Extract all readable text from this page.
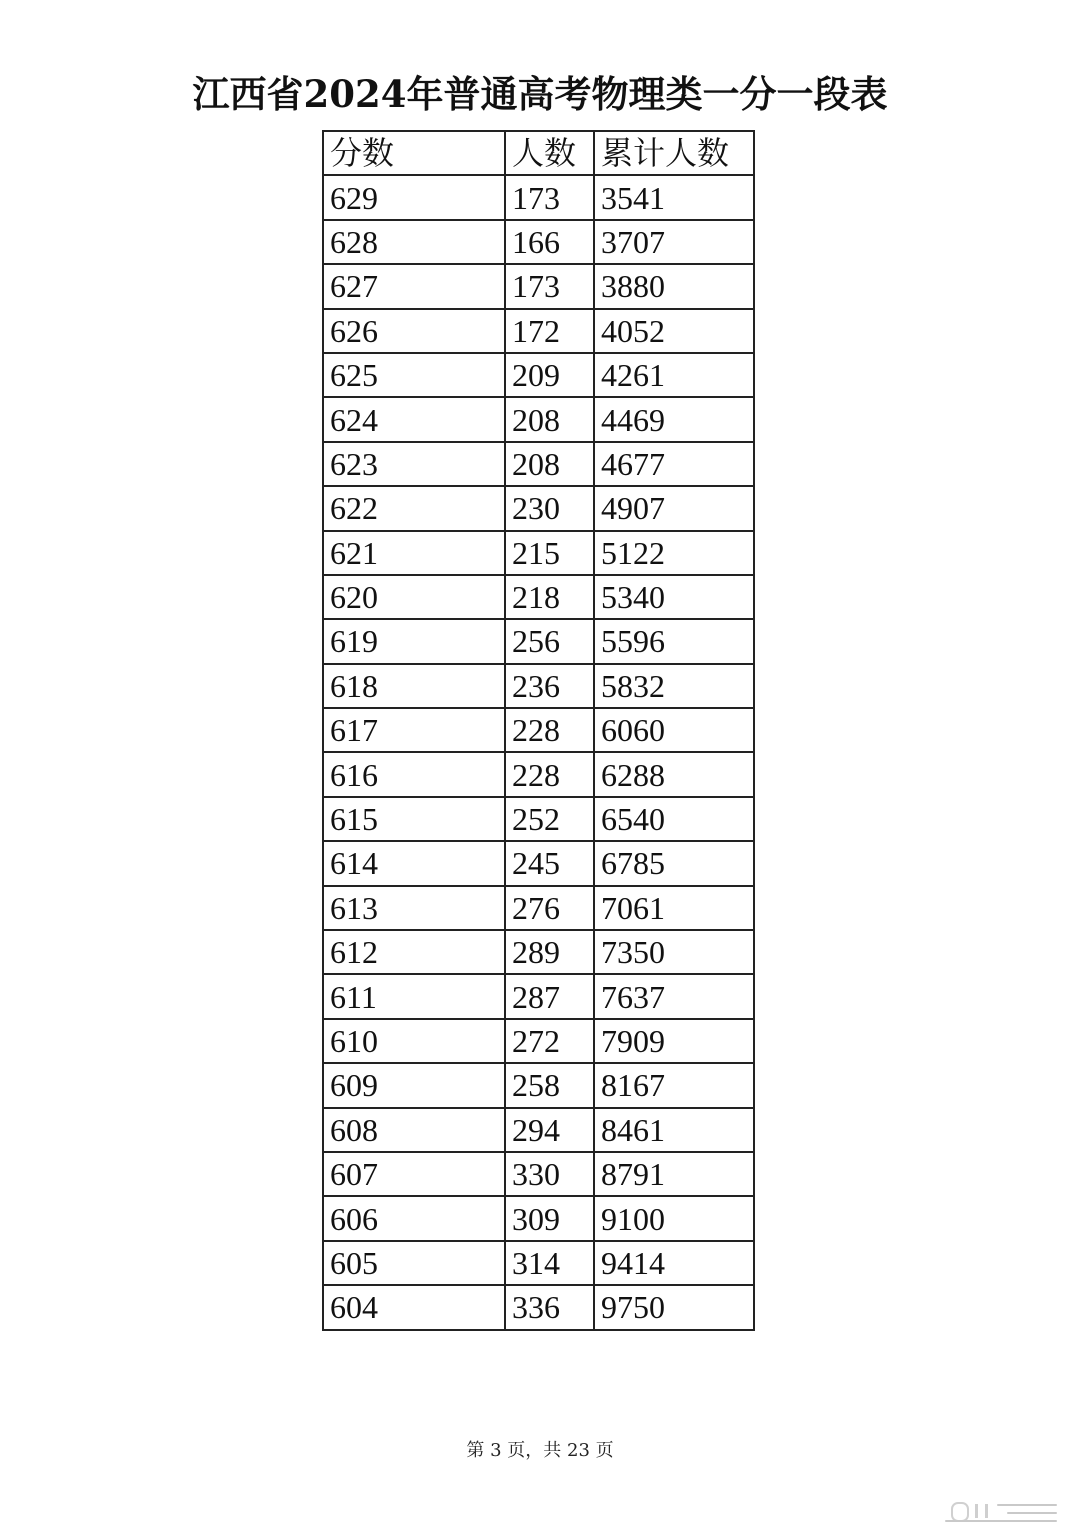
江西省2024年普通高考物理类一分一段表
分数	人数	累计人数
629	173	3541
628	166	3707
627	173	3880
626	172	4052
625	209	4261
624	208	4469
623	208	4677
622	230	4907
621	215	5122
620	218	5340
619	256	5596
618	236	5832
617	228	6060
616	228	6288
615	252	6540
614	245	6785
613	276	7061
612	289	7350
611	287	7637
610	272	7909
609	258	8167
608	294	8461
607	330	8791
606	309	9100
605	314	9414
604	336	9750
第 3 页，共 23 页
